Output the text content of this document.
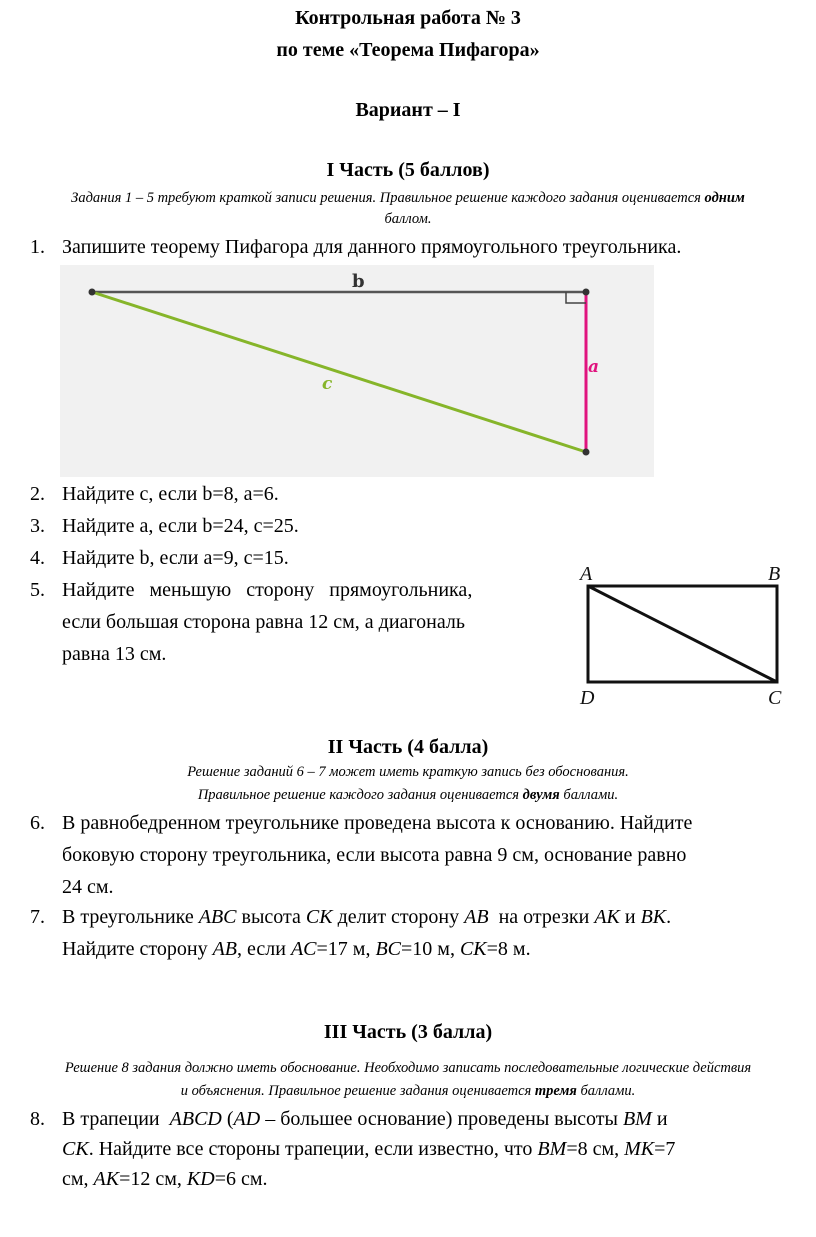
Контрольная работа № 3
по теме «Теорема Пифагора»
Вариант – I
I Часть (5 баллов)
Задания 1 – 5 требуют краткой записи решения. Правильное решение каждого задания оценивается одним
баллом.
1. Запишите теорему Пифагора для данного прямоугольного треугольника.
b
a
c
2. Найдите с, если b=8, а=6.
3. Найдите а, если b=24, с=25.
4. Найдите b, если а=9, с=15.
5. Найдите   меньшую   сторону   прямоугольника,
если большая сторона равна 12 см, а диагональ
равна 13 см.
A	B
C
D
II Часть (4 балла)
Решение заданий 6 – 7 может иметь краткую запись без обоснования.
Правильное решение каждого задания оценивается двумя баллами.
6. В равнобедренном треугольнике проведена высота к основанию. Найдите
боковую сторону треугольника, если высота равна 9 см, основание равно
24 см.
7. В треугольнике ABC высота CK делит сторону AB  на отрезки AK и BK.
Найдите сторону AB, если AC=17 м, BC=10 м, CK=8 м.
III Часть (3 балла)
Решение 8 задания должно иметь обоснование. Необходимо записать последовательные логические действия
и объяснения. Правильное решение задания оценивается тремя баллами.
8. В трапеции  ABCD (AD – большее основание) проведены высоты BM и
CK. Найдите все стороны трапеции, если известно, что BM=8 см, MK=7
см, AK=12 см, KD=6 см.
